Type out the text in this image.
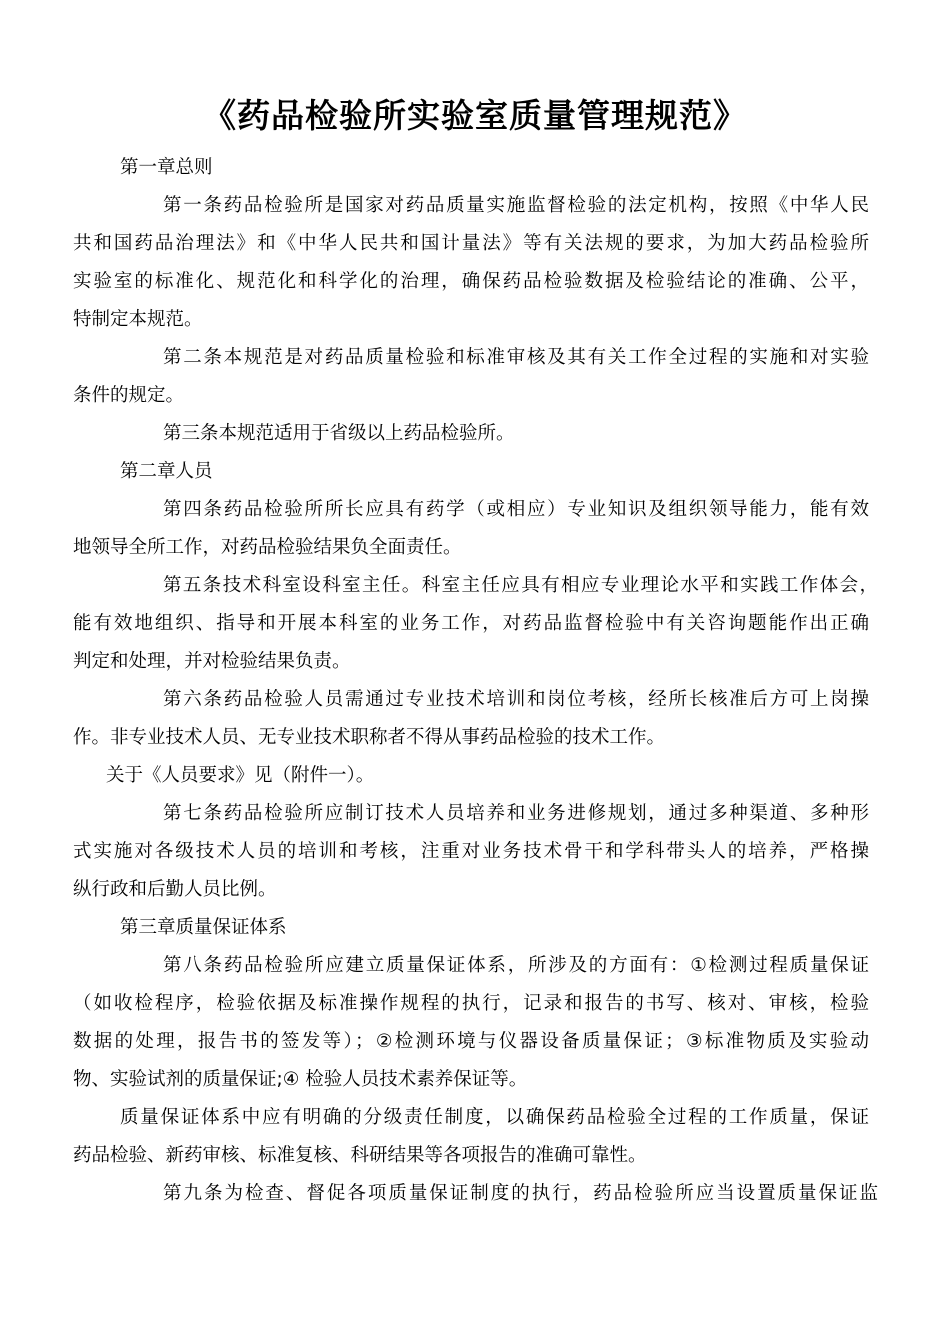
《药品检验所实验室质量管理规范》
第一章总则
第一条药品检验所是国家对药品质量实施监督检验的法定机构，按照《中华人民
共和国药品治理法》和《中华人民共和国计量法》等有关法规的要求，为加大药品检验所
实验室的标准化、规范化和科学化的治理，确保药品检验数据及检验结论的准确、公平，
特制定本规范。
第二条本规范是对药品质量检验和标准审核及其有关工作全过程的实施和对实验
条件的规定。
第三条本规范适用于省级以上药品检验所。
第二章人员
第四条药品检验所所长应具有药学（或相应）专业知识及组织领导能力，能有效
地领导全所工作，对药品检验结果负全面责任。
第五条技术科室设科室主任。科室主任应具有相应专业理论水平和实践工作体会，
能有效地组织、指导和开展本科室的业务工作，对药品监督检验中有关咨询题能作出正确
判定和处理，并对检验结果负责。
第六条药品检验人员需通过专业技术培训和岗位考核，经所长核准后方可上岗操
作。非专业技术人员、无专业技术职称者不得从事药品检验的技术工作。
关于《人员要求》见（附件一）。
第七条药品检验所应制订技术人员培养和业务进修规划，通过多种渠道、多种形
式实施对各级技术人员的培训和考核，注重对业务技术骨干和学科带头人的培养，严格操
纵行政和后勤人员比例。
第三章质量保证体系
第八条药品检验所应建立质量保证体系，所涉及的方面有：①检测过程质量保证
（如收检程序，检验依据及标准操作规程的执行，记录和报告的书写、核对、审核，检验
数据的处理，报告书的签发等）；②检测环境与仪器设备质量保证；③标准物质及实验动
物、实验试剂的质量保证;④ 检验人员技术素养保证等。
质量保证体系中应有明确的分级责任制度，以确保药品检验全过程的工作质量，保证
药品检验、新药审核、标准复核、科研结果等各项报告的准确可靠性。
第九条为检查、督促各项质量保证制度的执行，药品检验所应当设置质量保证监
